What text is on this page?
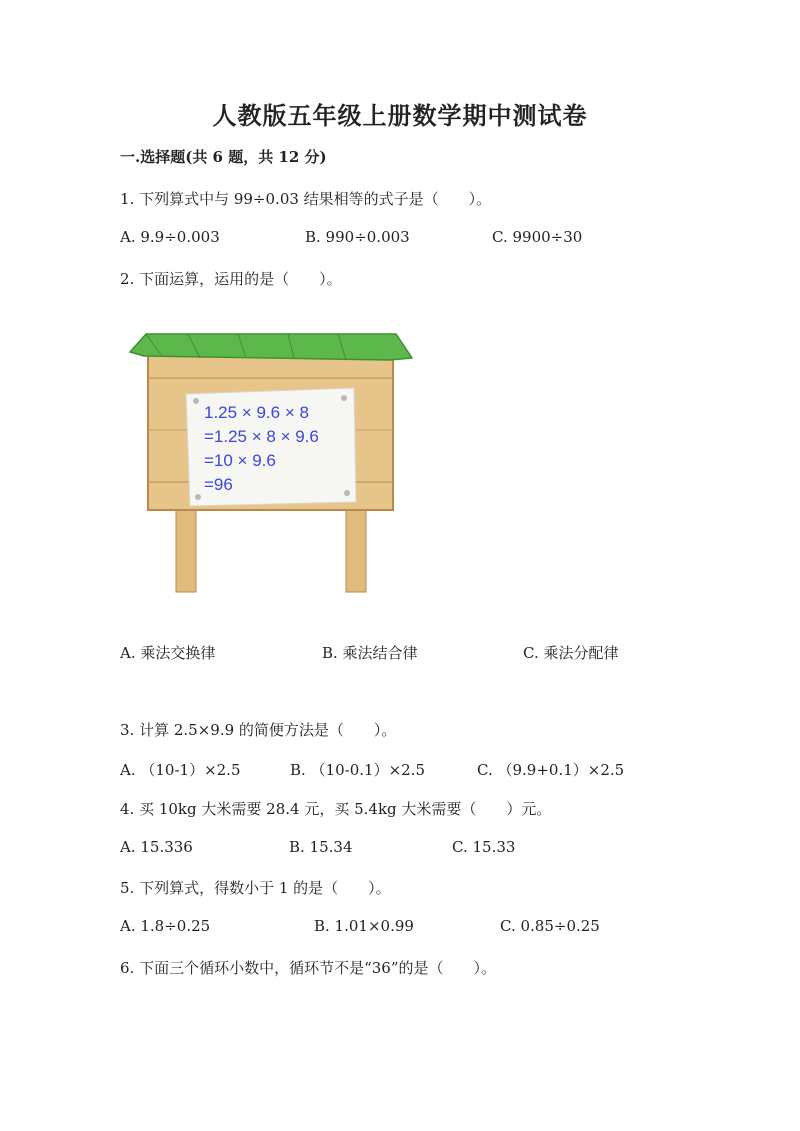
人教版五年级上册数学期中测试卷
一.选择题(共 6 题，共 12 分)
1. 下列算式中与 99÷0.03 结果相等的式子是（　　）。
A. 9.9÷0.003	B. 990÷0.003	C. 9900÷30
2. 下面运算，运用的是（　　）。
1.25 × 9.6 × 8
=1.25 × 8 × 9.6
=10 × 9.6
=96
A. 乘法交换律	B. 乘法结合律	C. 乘法分配律
3. 计算 2.5×9.9 的简便方法是（　　）。
A. （10-1）×2.5	B. （10-0.1）×2.5	C. （9.9+0.1）×2.5
4. 买 10kg 大米需要 28.4 元，买 5.4kg 大米需要（　　）元。
A. 15.336	B. 15.34	C. 15.33
5. 下列算式，得数小于 1 的是（　　）。
A. 1.8÷0.25	B. 1.01×0.99	C. 0.85÷0.25
6. 下面三个循环小数中，循环节不是“36”的是（　　）。
